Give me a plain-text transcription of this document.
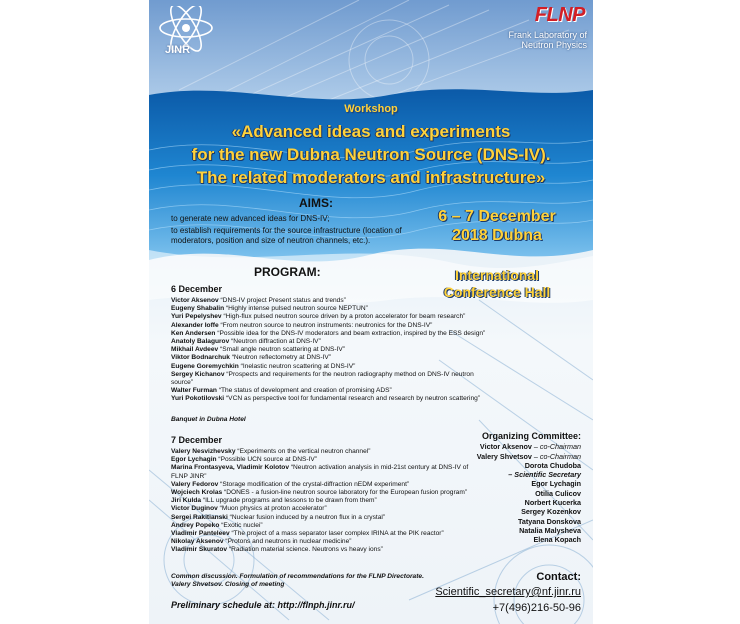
JINR
FLNP
Frank Laboratory of Neutron Physics
Workshop
«Advanced ideas and experiments
for the new Dubna Neutron Source (DNS-IV).
The related moderators and infrastructure»
AIMS:
to generate new advanced ideas for DNS-IV;
to establish requirements for the source infrastructure (location of moderators, position and size of neutron channels, etc.).
6 – 7 December
2018 Dubna
International
Conference Hall
PROGRAM:
6 December
Victor Aksenov “DNS-IV project Present status and trends”
Eugeny Shabalin “Highly intense pulsed neutron source NEPTUN”
Yuri Pepelyshev “High-flux pulsed neutron source driven by a proton accelerator for beam research”
Alexander Ioffe “From neutron source to neutron instruments: neutronics for the DNS-IV”
Ken Andersen “Possible idea for the DNS-IV moderators and beam extraction, inspired by the ESS design”
Anatoly Balagurov “Neutron diffraction at DNS-IV”
Mikhail Avdeev “Small angle neutron scattering at DNS-IV”
Viktor Bodnarchuk “Neutron reflectometry at DNS-IV”
Eugene Goremychkin “Inelastic neutron scattering at DNS-IV”
Sergey Kichanov “Prospects and requirements for the neutron radiography method on DNS-IV neutron source”
Walter Furman “The status of development and creation of promising ADS”
Yuri Pokotilovski “VCN as perspective tool for fundamental research and research by neutron scattering”
Banquet in Dubna Hotel
7 December
Valery Nesvizhevsky “Experiments on the vertical neutron channel”
Egor Lychagin “Possible UCN source at DNS-IV”
Marina Frontasyeva, Vladimir Kolotov “Neutron activation analysis in mid-21st century at DNS-IV of FLNP JINR”
Valery Fedorov “Storage modification of the crystal-diffraction nEDM experiment”
Wojciech Krolas “DONES - a fusion-line neutron source laboratory for the European fusion program”
Jiri Kulda “ILL upgrade programs and lessons to be drawn from them”
Victor Duginov “Muon physics at proton accelerator”
Sergei Rakitianski “Nuclear fusion induced by a neutron flux in a crystal”
Andrey Popeko “Exotic nuclei”
Vladimir Panteleev “The project of a mass separator laser complex IRINA at the PIK reactor”
Nikolay Aksenov “Protons and neutrons in nuclear medicine”
Vladimir Skuratov “Radiation material science. Neutrons vs heavy ions”
Common discussion. Formulation of recommendations for the FLNP Directorate.
Valery Shvetsov. Closing of meeting
Organizing Committee:
Victor Aksenov – co-Chairman
Valery Shvetsov – co-Chairman
Dorota Chudoba
– Scientific Secretary
Egor Lychagin
Otilia Culicov
Norbert Kucerka
Sergey Kozenkov
Tatyana Donskova
Natalia Malysheva
Elena Kopach
Contact:
Scientific_secretary@nf.jinr.ru
+7(496)216-50-96
Preliminary schedule at: http://flnph.jinr.ru/
